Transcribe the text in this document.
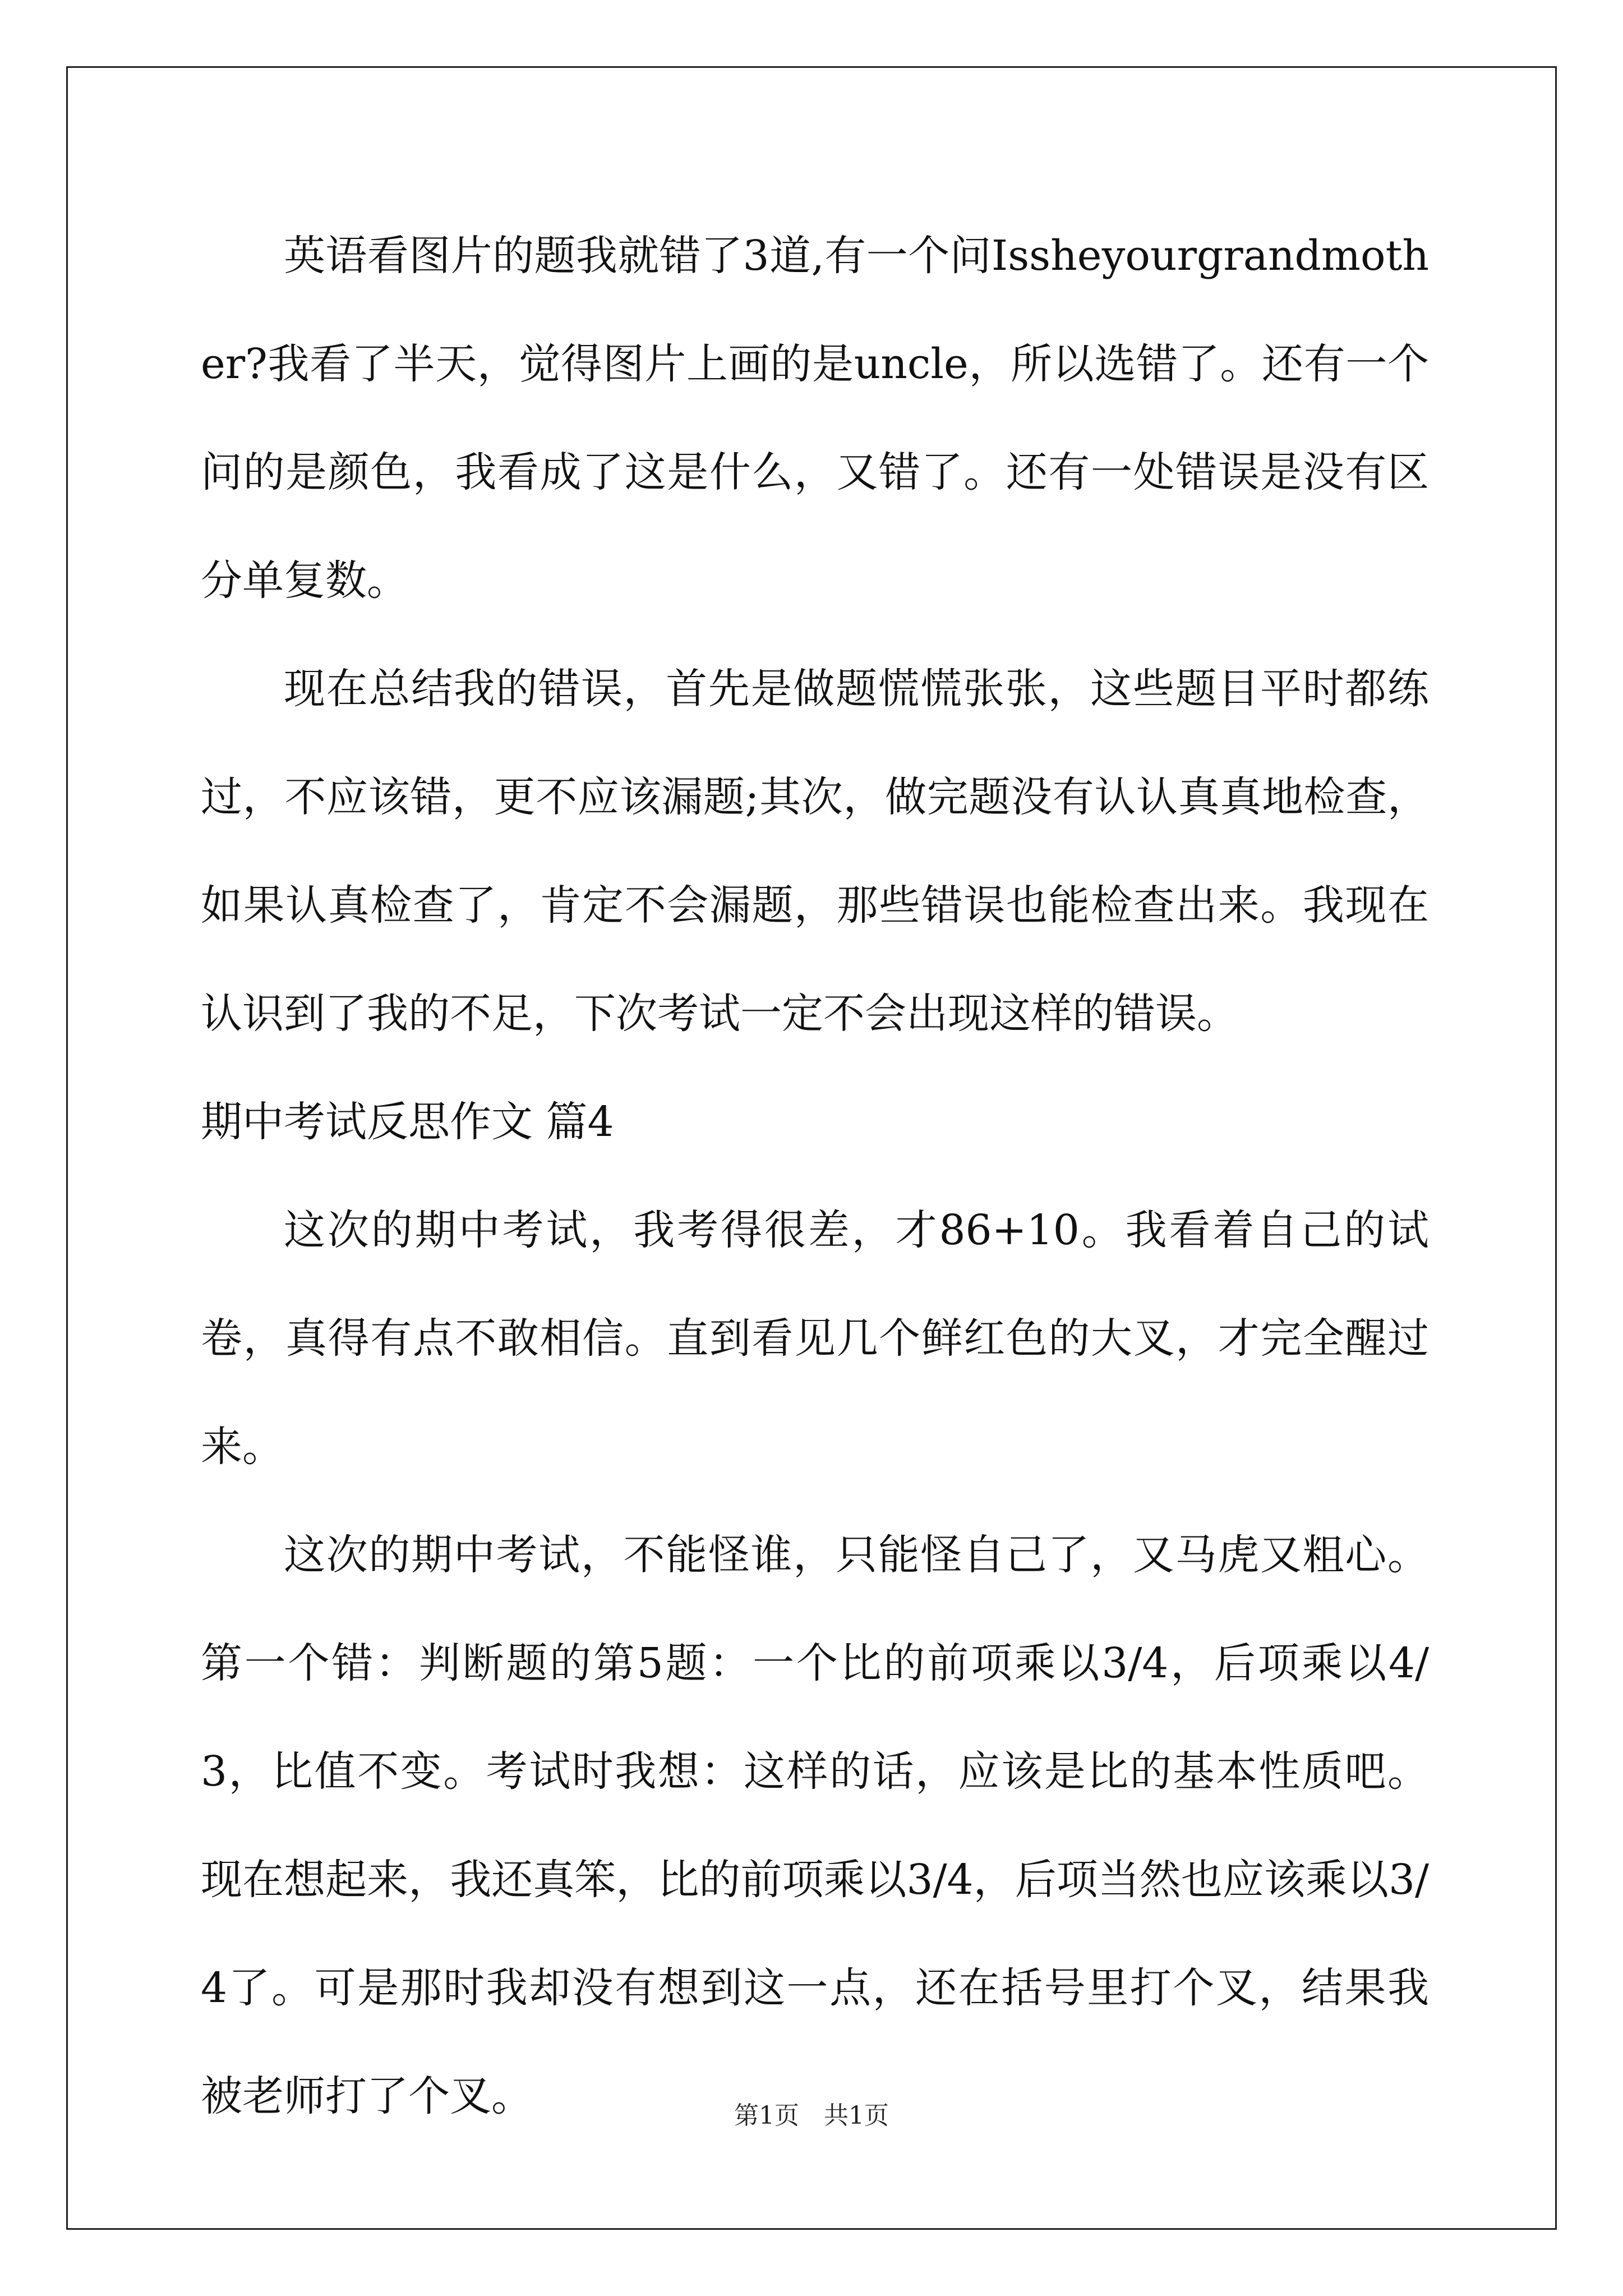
英语看图片的题我就错了3道,有一个问Issheyourgrandmother?我看了半天，觉得图片上画的是uncle，所以选错了。还有一个问的是颜色，我看成了这是什么，又错了。还有一处错误是没有区分单复数。

现在总结我的错误，首先是做题慌慌张张，这些题目平时都练过，不应该错，更不应该漏题;其次，做完题没有认认真真地检查，如果认真检查了，肯定不会漏题，那些错误也能检查出来。我现在认识到了我的不足，下次考试一定不会出现这样的错误。

期中考试反思作文 篇4

这次的期中考试，我考得很差，才86+10。我看着自己的试卷，真得有点不敢相信。直到看见几个鲜红色的大叉，才完全醒过来。

这次的期中考试，不能怪谁，只能怪自己了，又马虎又粗心。第一个错：判断题的第5题：一个比的前项乘以3/4，后项乘以4/3，比值不变。考试时我想：这样的话，应该是比的基本性质吧。现在想起来，我还真笨，比的前项乘以3/4，后项当然也应该乘以3/4了。可是那时我却没有想到这一点，还在括号里打个叉，结果我被老师打了个叉。	第1页　共1页
